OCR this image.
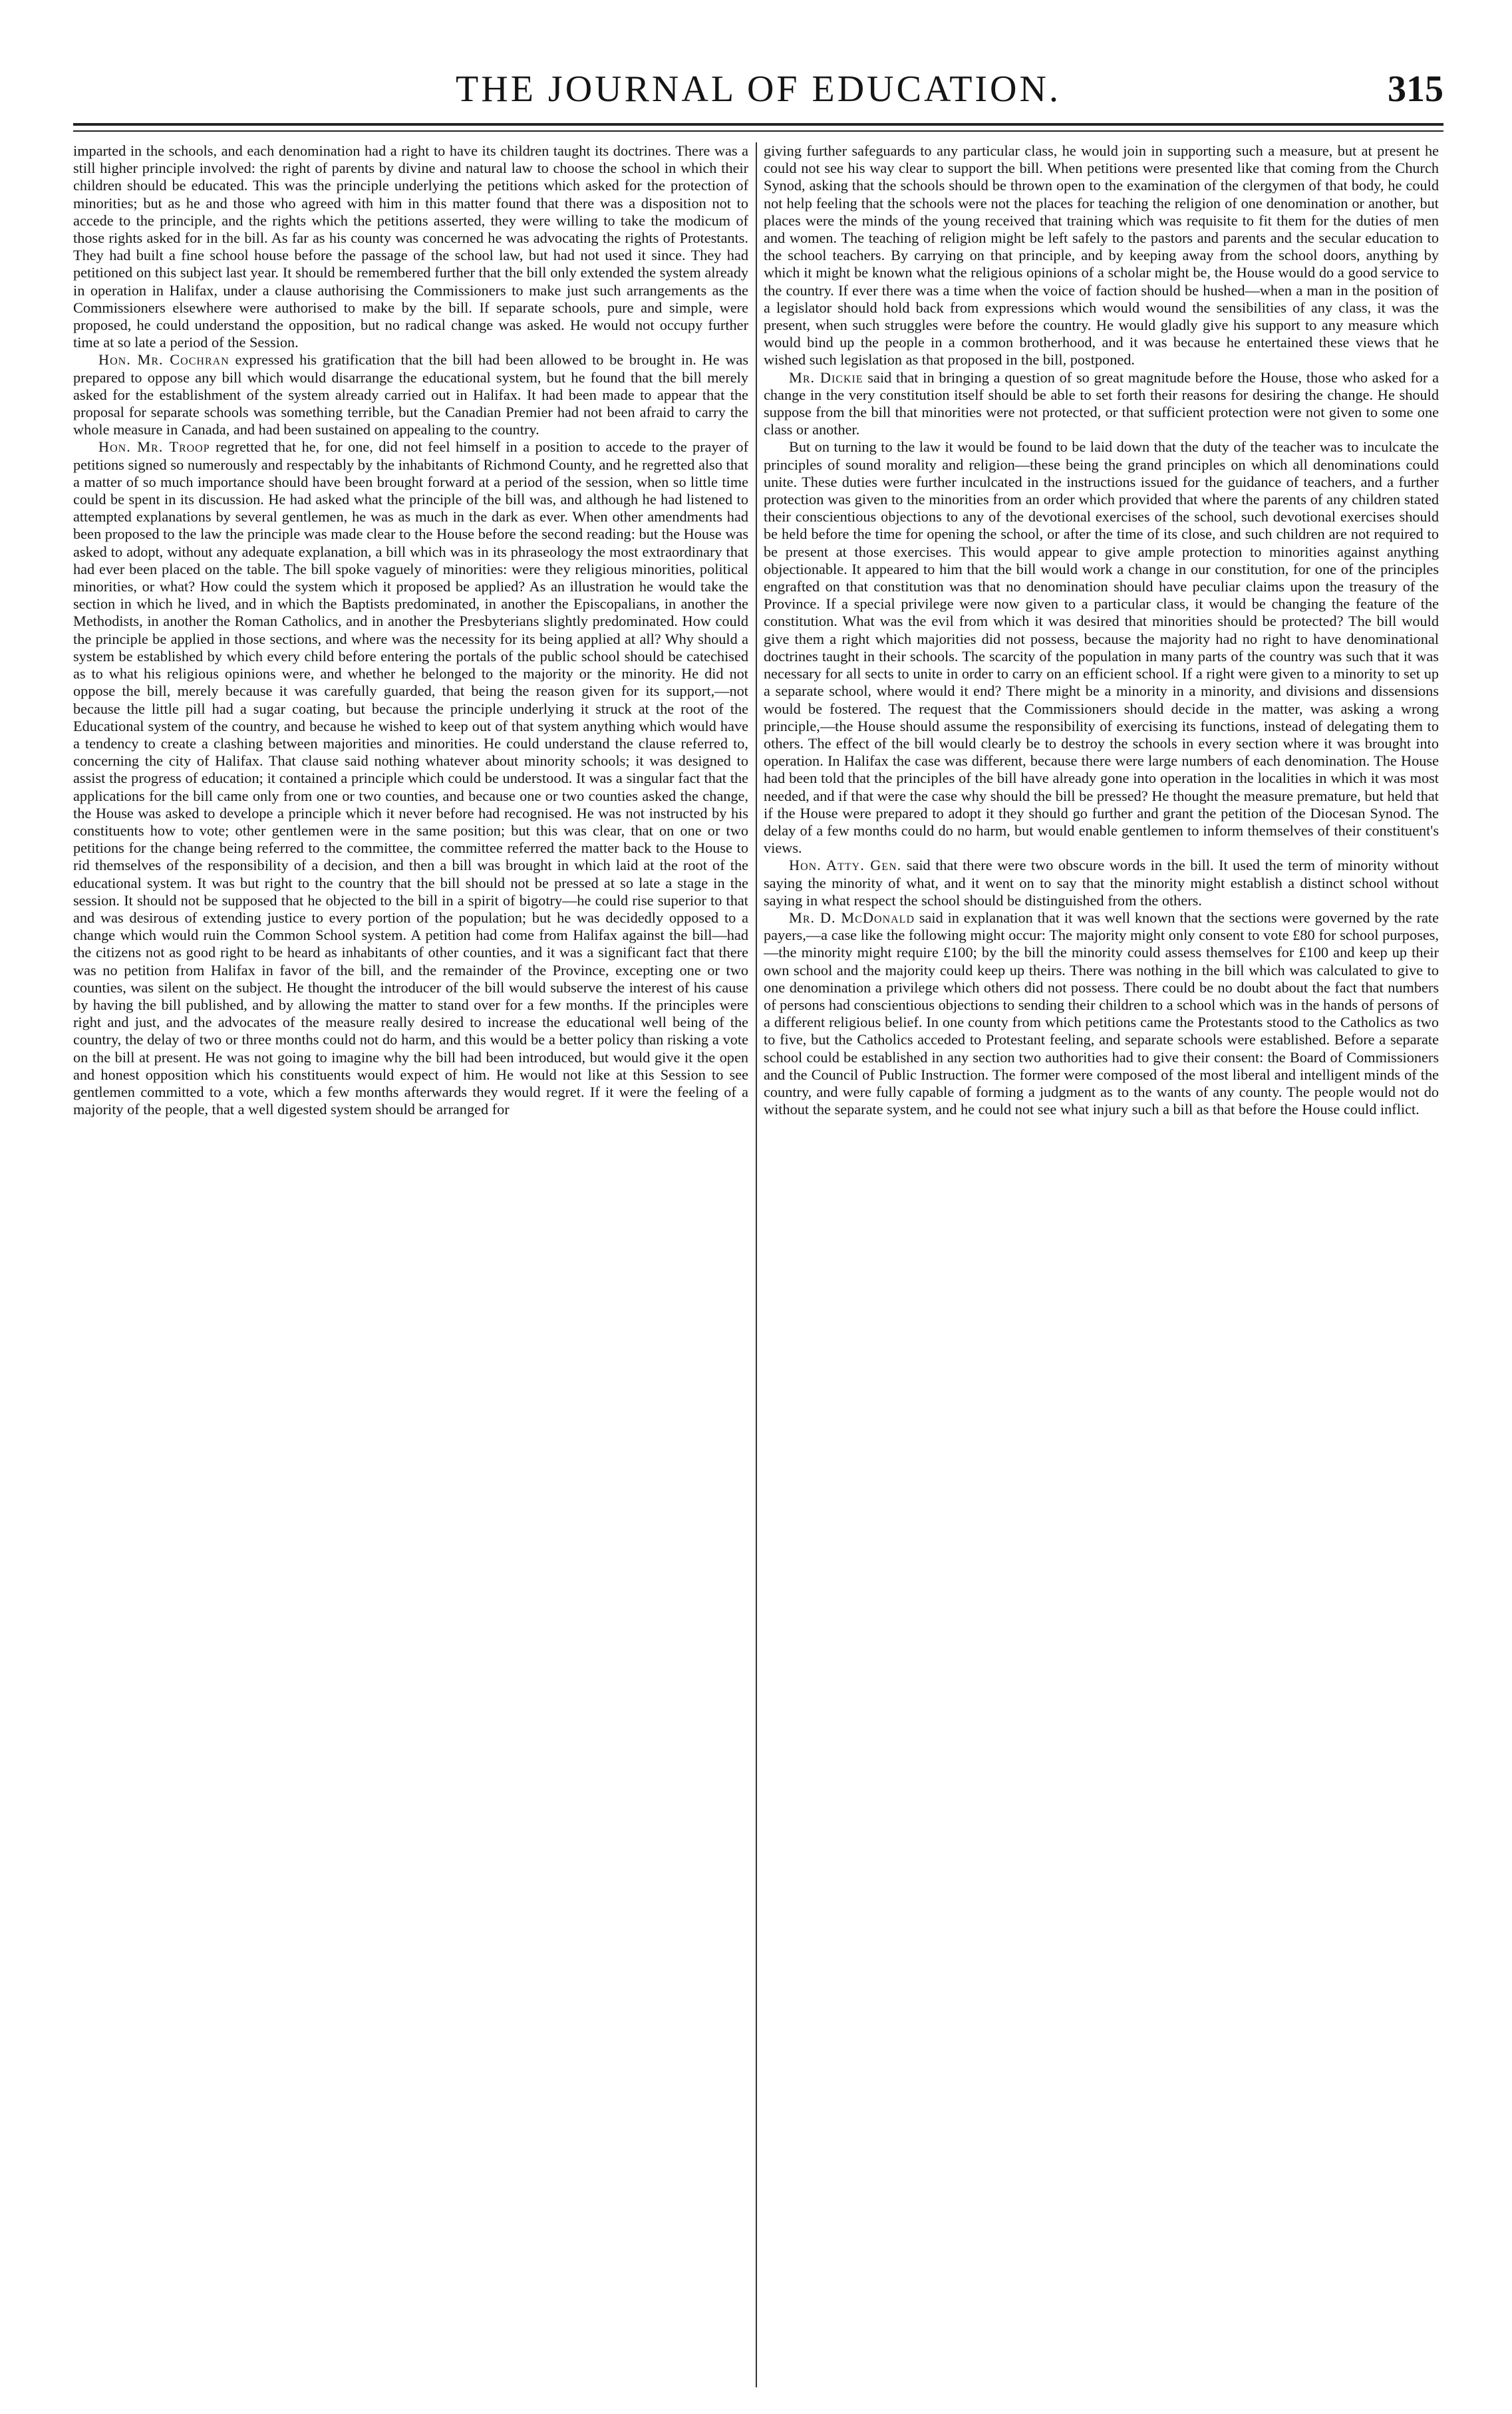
THE JOURNAL OF EDUCATION.	315

imparted in the schools, and each denomination had a right to have its children taught its doctrines. There was a still higher principle involved: the right of parents by divine and natural law to choose the school in which their children should be educated. This was the principle underlying the petitions which asked for the protection of minorities; but as he and those who agreed with him in this matter found that there was a disposition not to accede to the principle, and the rights which the petitions asserted, they were willing to take the modicum of those rights asked for in the bill. As far as his county was concerned he was advocating the rights of Protestants. They had built a fine school house before the passage of the school law, but had not used it since. They had petitioned on this subject last year. It should be remembered further that the bill only extended the system already in operation in Halifax, under a clause authorising the Commissioners to make just such arrangements as the Commissioners elsewhere were authorised to make by the bill. If separate schools, pure and simple, were proposed, he could understand the opposition, but no radical change was asked. He would not occupy further time at so late a period of the Session.

Hon. Mr. Cochran expressed his gratification that the bill had been allowed to be brought in. He was prepared to oppose any bill which would disarrange the educational system, but he found that the bill merely asked for the establishment of the system already carried out in Halifax. It had been made to appear that the proposal for separate schools was something terrible, but the Canadian Premier had not been afraid to carry the whole measure in Canada, and had been sustained on appealing to the country.

Hon. Mr. Troop regretted that he, for one, did not feel himself in a position to accede to the prayer of petitions signed so numerously and respectably by the inhabitants of Richmond County, and he regretted also that a matter of so much importance should have been brought forward at a period of the session, when so little time could be spent in its discussion. He had asked what the principle of the bill was, and although he had listened to attempted explanations by several gentlemen, he was as much in the dark as ever. When other amendments had been proposed to the law the principle was made clear to the House before the second reading: but the House was asked to adopt, without any adequate explanation, a bill which was in its phraseology the most extraordinary that had ever been placed on the table. The bill spoke vaguely of minorities: were they religious minorities, political minorities, or what? How could the system which it proposed be applied? As an illustration he would take the section in which he lived, and in which the Baptists predominated, in another the Episcopalians, in another the Methodists, in another the Roman Catholics, and in another the Presbyterians slightly predominated. How could the principle be applied in those sections, and where was the necessity for its being applied at all? Why should a system be established by which every child before entering the portals of the public school should be catechised as to what his religious opinions were, and whether he belonged to the majority or the minority. He did not oppose the bill, merely because it was carefully guarded, that being the reason given for its support,—not because the little pill had a sugar coating, but because the principle underlying it struck at the root of the Educational system of the country, and because he wished to keep out of that system anything which would have a tendency to create a clashing between majorities and minorities. He could understand the clause referred to, concerning the city of Halifax. That clause said nothing whatever about minority schools; it was designed to assist the progress of education; it contained a principle which could be understood. It was a singular fact that the applications for the bill came only from one or two counties, and because one or two counties asked the change, the House was asked to develope a principle which it never before had recognised. He was not instructed by his constituents how to vote; other gentlemen were in the same position; but this was clear, that on one or two petitions for the change being referred to the committee, the committee referred the matter back to the House to rid themselves of the responsibility of a decision, and then a bill was brought in which laid at the root of the educational system. It was but right to the country that the bill should not be pressed at so late a stage in the session. It should not be supposed that he objected to the bill in a spirit of bigotry—he could rise superior to that and was desirous of extending justice to every portion of the population; but he was decidedly opposed to a change which would ruin the Common School system. A petition had come from Halifax against the bill—had the citizens not as good right to be heard as inhabitants of other counties, and it was a significant fact that there was no petition from Halifax in favor of the bill, and the remainder of the Province, excepting one or two counties, was silent on the subject. He thought the introducer of the bill would subserve the interest of his cause by having the bill published, and by allowing the matter to stand over for a few months. If the principles were right and just, and the advocates of the measure really desired to increase the educational well being of the country, the delay of two or three months could not do harm, and this would be a better policy than risking a vote on the bill at present. He was not going to imagine why the bill had been introduced, but would give it the open and honest opposition which his constituents would expect of him. He would not like at this Session to see gentlemen committed to a vote, which a few months afterwards they would regret. If it were the feeling of a majority of the people, that a well digested system should be arranged for

giving further safeguards to any particular class, he would join in supporting such a measure, but at present he could not see his way clear to support the bill. When petitions were presented like that coming from the Church Synod, asking that the schools should be thrown open to the examination of the clergymen of that body, he could not help feeling that the schools were not the places for teaching the religion of one denomination or another, but places were the minds of the young received that training which was requisite to fit them for the duties of men and women. The teaching of religion might be left safely to the pastors and parents and the secular education to the school teachers. By carrying on that principle, and by keeping away from the school doors, anything by which it might be known what the religious opinions of a scholar might be, the House would do a good service to the country. If ever there was a time when the voice of faction should be hushed—when a man in the position of a legislator should hold back from expressions which would wound the sensibilities of any class, it was the present, when such struggles were before the country. He would gladly give his support to any measure which would bind up the people in a common brotherhood, and it was because he entertained these views that he wished such legislation as that proposed in the bill, postponed.

Mr. Dickie said that in bringing a question of so great magnitude before the House, those who asked for a change in the very constitution itself should be able to set forth their reasons for desiring the change. He should suppose from the bill that minorities were not protected, or that sufficient protection were not given to some one class or another.

But on turning to the law it would be found to be laid down that the duty of the teacher was to inculcate the principles of sound morality and religion—these being the grand principles on which all denominations could unite. These duties were further inculcated in the instructions issued for the guidance of teachers, and a further protection was given to the minorities from an order which provided that where the parents of any children stated their conscientious objections to any of the devotional exercises of the school, such devotional exercises should be held before the time for opening the school, or after the time of its close, and such children are not required to be present at those exercises. This would appear to give ample protection to minorities against anything objectionable. It appeared to him that the bill would work a change in our constitution, for one of the principles engrafted on that constitution was that no denomination should have peculiar claims upon the treasury of the Province. If a special privilege were now given to a particular class, it would be changing the feature of the constitution. What was the evil from which it was desired that minorities should be protected? The bill would give them a right which majorities did not possess, because the majority had no right to have denominational doctrines taught in their schools. The scarcity of the population in many parts of the country was such that it was necessary for all sects to unite in order to carry on an efficient school. If a right were given to a minority to set up a separate school, where would it end? There might be a minority in a minority, and divisions and dissensions would be fostered. The request that the Commissioners should decide in the matter, was asking a wrong principle,—the House should assume the responsibility of exercising its functions, instead of delegating them to others. The effect of the bill would clearly be to destroy the schools in every section where it was brought into operation. In Halifax the case was different, because there were large numbers of each denomination. The House had been told that the principles of the bill have already gone into operation in the localities in which it was most needed, and if that were the case why should the bill be pressed? He thought the measure premature, but held that if the House were prepared to adopt it they should go further and grant the petition of the Diocesan Synod. The delay of a few months could do no harm, but would enable gentlemen to inform themselves of their constituent's views.

Hon. Atty. Gen. said that there were two obscure words in the bill. It used the term of minority without saying the minority of what, and it went on to say that the minority might establish a distinct school without saying in what respect the school should be distinguished from the others.

Mr. D. McDonald said in explanation that it was well known that the sections were governed by the rate payers,—a case like the following might occur: The majority might only consent to vote £80 for school purposes,—the minority might require £100; by the bill the minority could assess themselves for £100 and keep up their own school and the majority could keep up theirs. There was nothing in the bill which was calculated to give to one denomination a privilege which others did not possess. There could be no doubt about the fact that numbers of persons had conscientious objections to sending their children to a school which was in the hands of persons of a different religious belief. In one county from which petitions came the Protestants stood to the Catholics as two to five, but the Catholics acceded to Protestant feeling, and separate schools were established. Before a separate school could be established in any section two authorities had to give their consent: the Board of Commissioners and the Council of Public Instruction. The former were composed of the most liberal and intelligent minds of the country, and were fully capable of forming a judgment as to the wants of any county. The people would not do without the separate system, and he could not see what injury such a bill as that before the House could inflict.
